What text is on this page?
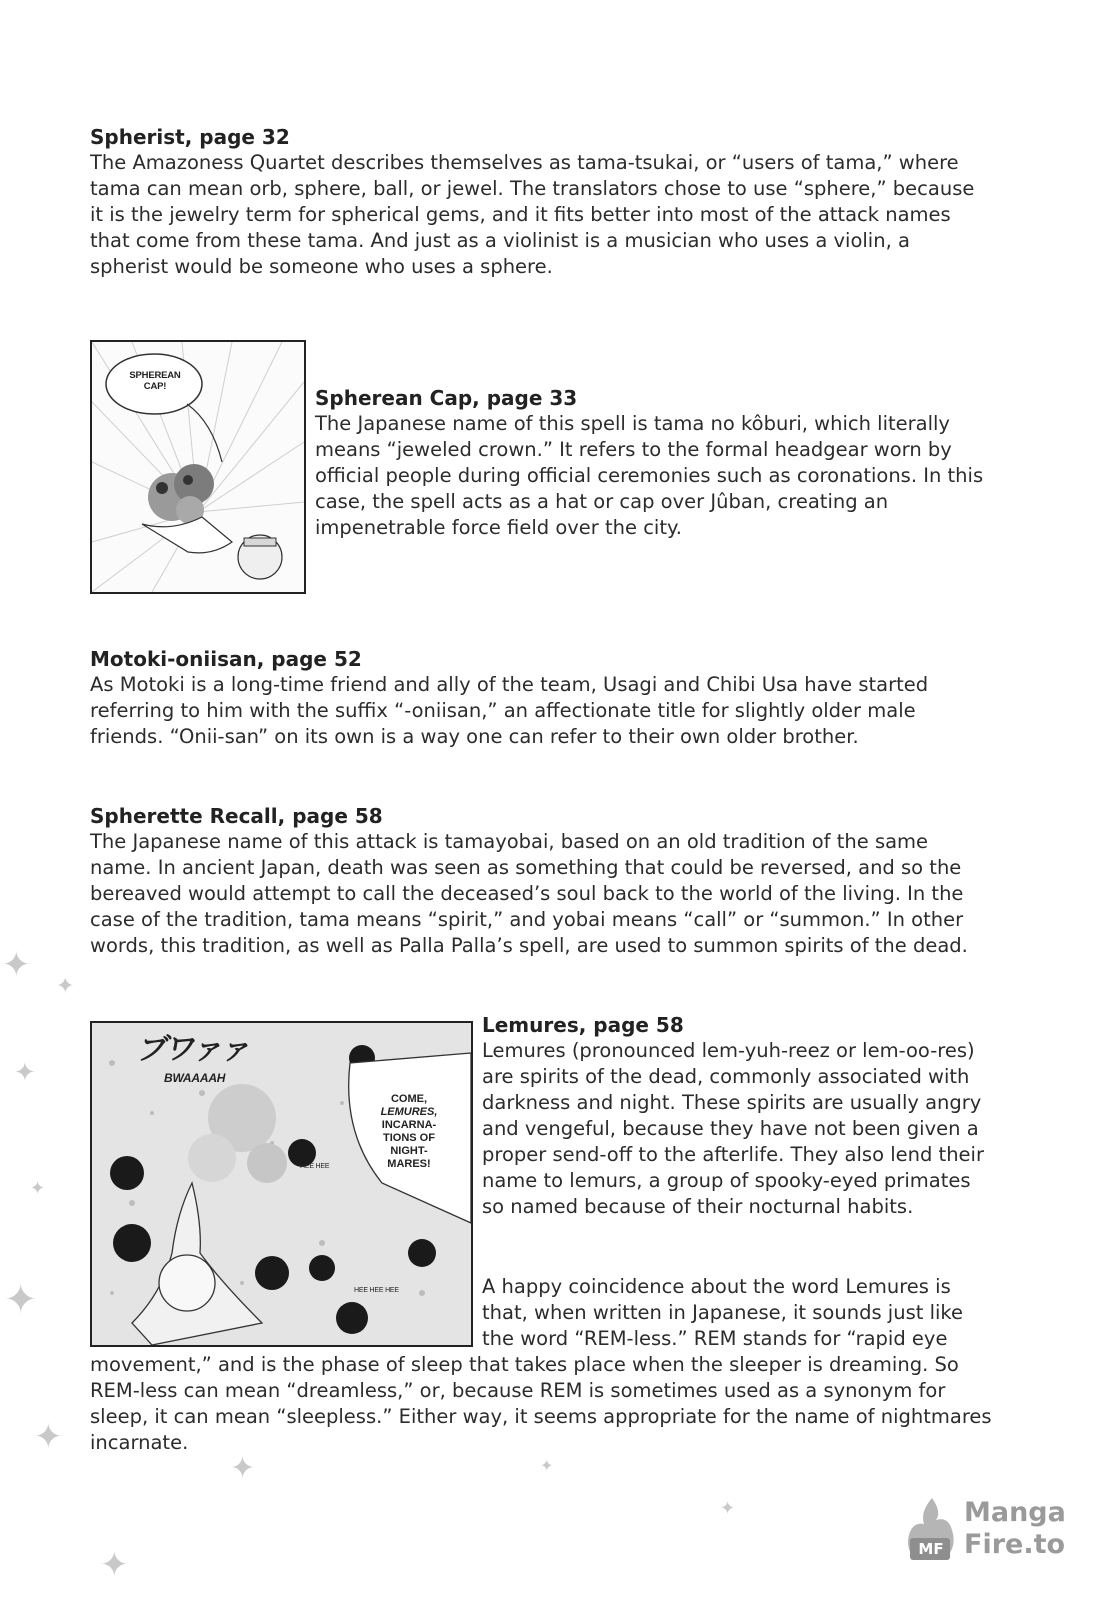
Spherist, page 32

The Amazoness Quartet describes themselves as tama-tsukai, or “users of tama,” where tama can mean orb, sphere, ball, or jewel. The translators chose to use “sphere,” because it is the jewelry term for spherical gems, and it fits better into most of the attack names that come from these tama. And just as a violinist is a musician who uses a violin, a spherist would be someone who uses a sphere.

SPHEREAN CAP!	Spherean Cap, page 33

The Japanese name of this spell is tama no kôburi, which literally means “jeweled crown.” It refers to the formal headgear worn by official people during official ceremonies such as coronations. In this case, the spell acts as a hat or cap over Jûban, creating an impenetrable force field over the city.

Motoki-oniisan, page 52

As Motoki is a long-time friend and ally of the team, Usagi and Chibi Usa have started referring to him with the suffix “-oniisan,” an affectionate title for slightly older male friends. “Onii-san” on its own is a way one can refer to their own older brother.

Spherette Recall, page 58

The Japanese name of this attack is tamayobai, based on an old tradition of the same name. In ancient Japan, death was seen as something that could be reversed, and so the bereaved would attempt to call the deceased’s soul back to the world of the living. In the case of the tradition, tama means “spirit,” and yobai means “call” or “summon.” In other words, this tradition, as well as Palla Palla’s spell, are used to summon spirits of the dead.

ブワァァ
BWAAAAH
COME,
LEMURES,
INCARNA-
TIONS OF
NIGHT-
MARES!
HEE HEE
HEE HEE HEE

Lemures, page 58

Lemures (pronounced lem-yuh-reez or lem-oo-res) are spirits of the dead, commonly associated with darkness and night. These spirits are usually angry and vengeful, because they have not been given a proper send-off to the afterlife. They also lend their name to lemurs, a group of spooky-eyed primates so named because of their nocturnal habits.

A happy coincidence about the word Lemures is that, when written in Japanese, it sounds just like the word “REM-less.” REM stands for “rapid eye movement,” and is the phase of sleep that takes place when the sleeper is dreaming. So REM-less can mean “dreamless,” or, because REM is sometimes used as a synonym for sleep, it can mean “sleepless.” Either way, it seems appropriate for the name of nightmares incarnate.

✦
✦
✦
✦
✦
✦
✦
✦
✦
✦
MF
Manga
Fire.to
